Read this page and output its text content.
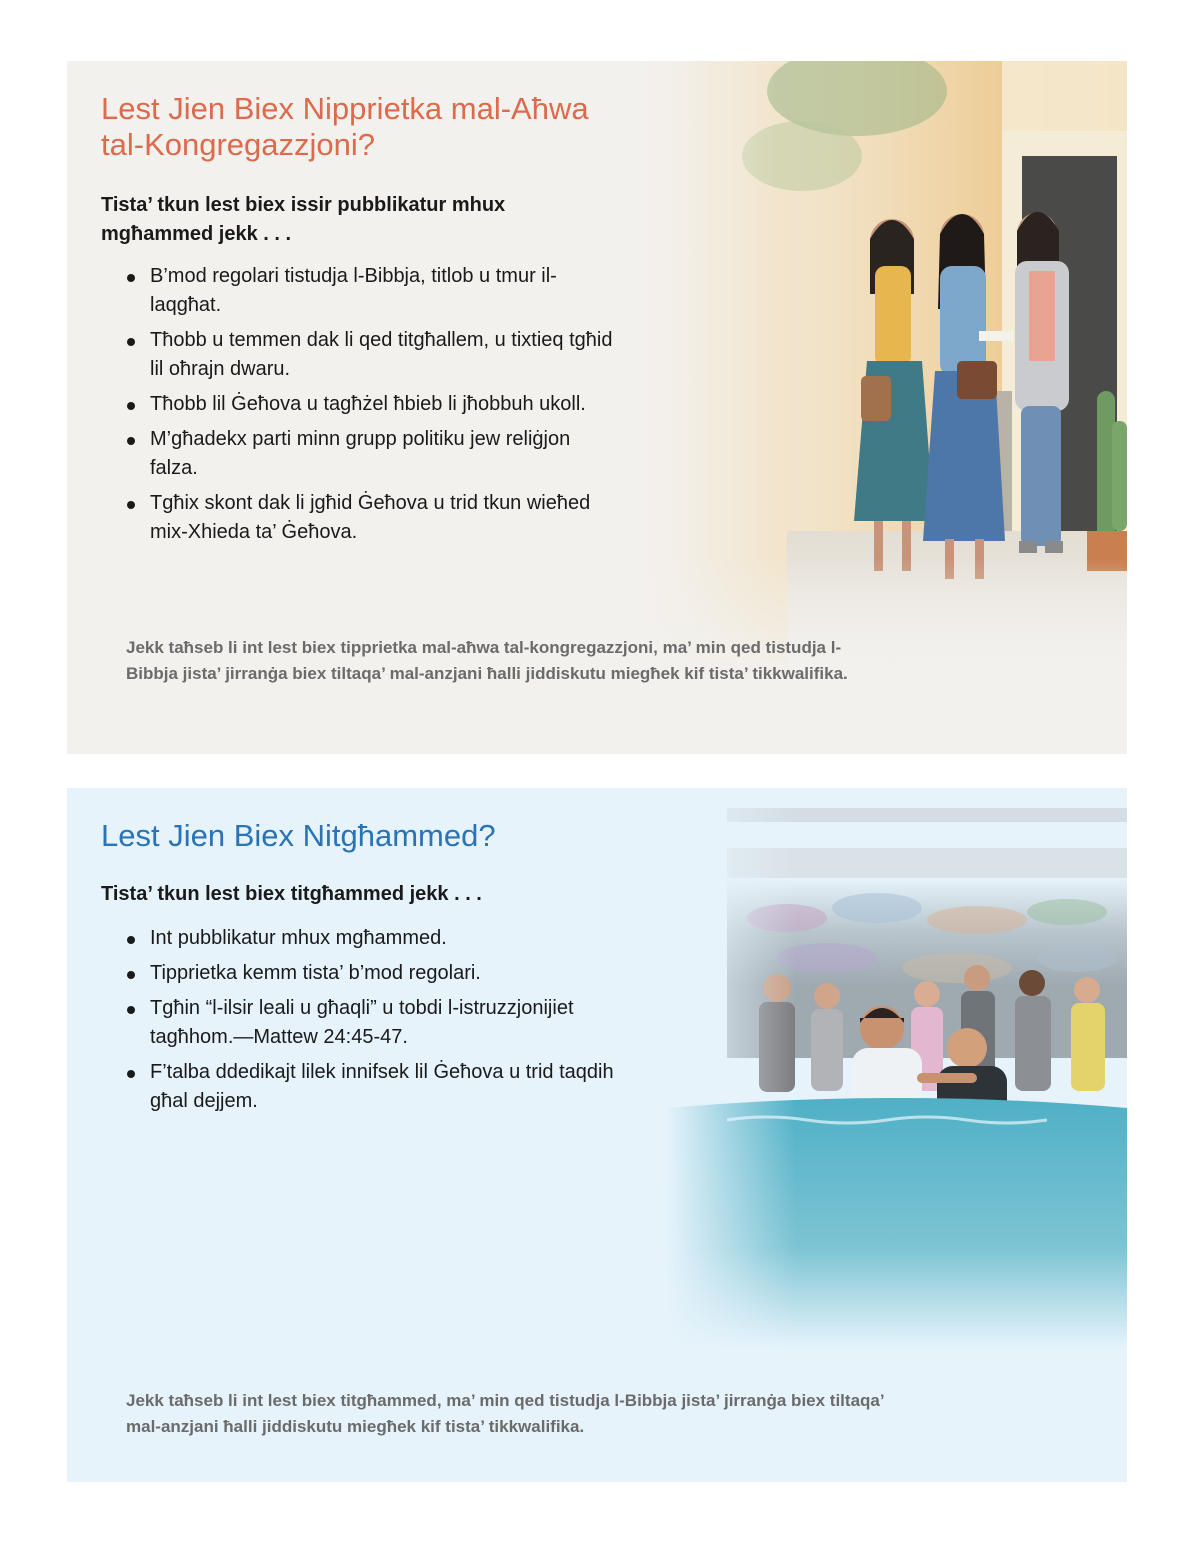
Lest Jien Biex Nipprietka mal-Aħwa tal-Kongregazzjoni?

Tista’ tkun lest biex issir pubblikatur mhux mgħammed jekk . . .

B’mod regolari tistudja l-Bibbja, titlob u tmur il-laqgħat.
Tħobb u temmen dak li qed titgħallem, u tixtieq tgħid lil oħrajn dwaru.
Tħobb lil Ġeħova u tagħżel ħbieb li jħobbuh ukoll.
M’għadekx parti minn grupp politiku jew reliġjon falza.
Tgħix skont dak li jgħid Ġeħova u trid tkun wieħed mix-Xhieda ta’ Ġeħova.

Jekk taħseb li int lest biex tipprietka mal-aħwa tal-kongregazzjoni, ma’ min qed tistudja l-Bibbja jista’ jirranġa biex tiltaqa’ mal-anzjani ħalli jiddiskutu miegħek kif tista’ tikkwalifika.

Lest Jien Biex Nitgħammed?

Tista’ tkun lest biex titgħammed jekk . . .

Int pubblikatur mhux mgħammed.
Tipprietka kemm tista’ b’mod regolari.
Tgħin “l-ilsir leali u għaqli” u tobdi l-istruzzjonijiet tagħhom.—Mattew 24:45-47.
F’talba ddedikajt lilek innifsek lil Ġeħova u trid taqdih għal dejjem.

Jekk taħseb li int lest biex titgħammed, ma’ min qed tistudja l-Bibbja jista’ jirranġa biex tiltaqa’ mal-anzjani ħalli jiddiskutu miegħek kif tista’ tikkwalifika.
